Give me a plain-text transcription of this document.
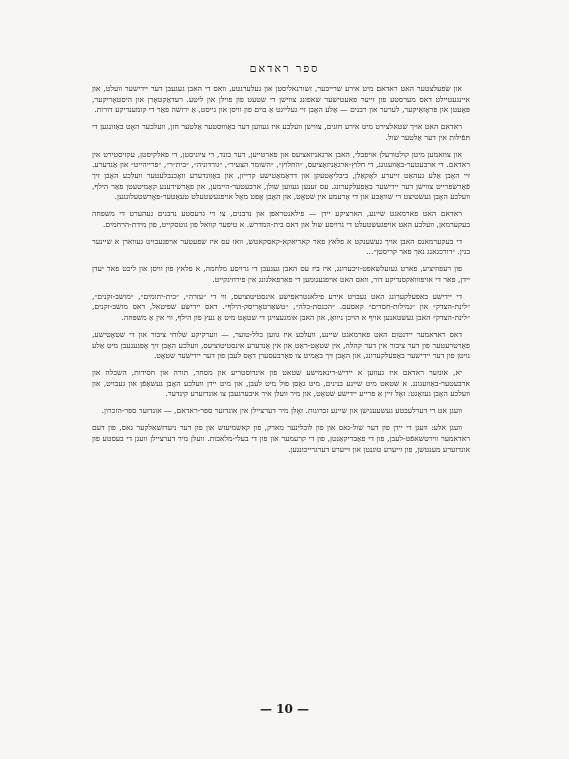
ספר ראדאם

און שפעלצטער האט ראדאם מיט אירע שרייבער, זשורנאליסטן און געלערנטע, וואס די האבן געגעבן דער יידישער וועלט, און איינגעטיילט דאס מערסטע פון זייער פאעטישער שאפונג צווישן די שטעט פון פוילן און ליטע. רעדאַקטאָרן און היסטאָריקער, פּאָעטן און פּראָזאַיקער, לערער און רבנים — אַלע האָבן זיי געלייגט אַ בוים פון וויסן און גייסט, אַ ירושה פאַר די קומענדיקע דורות.

ראדאם האט אויך שטאלצירט מיט אירע חזנים, צווישן וועלכע איז געווען דער באַוווּסטער אַלטער חזן, וועלכער האָט באַזונגען די תּפֿילות אין דער אַלטער שול.

און צוזאמען מיטן קולטורעלן אויפבלי, האבן ארגאניזאציעס און פארטייען, דער בונד, די ציוניסטן, די פאלקיסטן, עקזיסטירט אין ראדאם. די ארבעטער-באַוועגונג, די חלוץ-ארגאַניזאַציעס, ״החלוץ״, ״השומר הצעיר״, ״גורדוניה״, ״בית״ר״, ״פרייהייט״ און אַנדערע. זיי האָבן אַלע געהאַט זייערע לאָקאַלן, ביבליאָטעקן און דראַמאַטישע קרייזן, און באַזונדערע וואָכנבלעטער וועלכע האָבן זיך פֿאַרשפּרייט צווישן דער יידישער באַפעלקערונג. עס זענען געווען שולן, ארבעטער-היימען, און פאַרשידענע קאָמיטעטן פאַר הילף, וועלכע האָבן געשטיצט די שוואַכע און די אָרעמע אין שטאָט, און האָבן אָפט מאָל אויפגעשטעלט טעאַטער-פאָרשטעלונגען.

ראדאם האט פארמאגט שיינע, הארציקע יידן — פילאנטראפן און נדבנים, צו די גרעסטע נדבנים געהערט די משפחה בעקערמאן, וועלכע האט אויפגעשטעלט די גרויסע שול און דאס בית-המדרש. א טיפער קוואל פון גוטסקייט, פון מידת-הרחמים.

די בעקערמאנס האבן אויך געשענקט א פלאץ פאר קאריאקא-קאסקאטש, וואו עס איז שפעטער אויפגעבויט געווארן א שיינער בנין. ״דורכגאנג נאך פאר קריסטן״...

פון רעפוזיציע, פארט געזעלשאפט-זיכערונג, איז ביז עס האבן געגעבן די גרויסע מלחמה, א פלאץ פון וויסן און ליכט פאר יעדן יידן, פאר די אויפווואקסנדיקע דור, וואס האט אויפגענומען די פארפאלגונג אין פירוזיגקייט.

די יידישע באפעלקערונג האט געבויט אירע פילאנטראפישע אינסטיטוציעס, ווי די ״עזרה״, ״בית-יתומים״, ״מושב-זקנים״, ״לינת-הצדק״ און ״גמילות-חסדים״ קאסעס. ״הכנסת-כלה״, ״טשאַרטאָריסק-הילף״. דאס יידישע שפיטאל, דאס מושב-זקנים, ״לינת-הצדק״ האבן געשטאנען אויף א הויכן ניוואָ, און האבן אומגעצויגן די שטאָט מיט אַ נעץ פון הילף, ווי אין אַ משפּחה.

דאס ראדאמער יידנטום האט פארמאגט שיינע, וועלכע איז גווען כלל-טוער, — ווערקיקע שלוחי ציבור און די שטאָטישע, פאַרטרעטער פון דער ציבור אין דער קהלה, אין שטאָט-ראַט און אין אַנדערע אינסטיטוציעס, וועלכע האָבן זיך אָפּגעגעבן מיט אַלע נויטן פון דער יידישער באַפעלקערונג, און האָבן זיך באַמיט צו פאַרבעסערן דאָס לעבן פון דער יידישער שטאָט.

יא, אונזער ראדאם איז געווען א יידיש-דינאמישע שטאט פון אינדוסטריע און מסחר, תורה און חסידות, השכלה און ארבעטער-באַוועגונג. א שטאט מיט שיינע בנינים, מיט גאַסן פול מיט לעבן, און מיט יידן וועלכע האָבן געשאַפֿן און געבויט, און וועלכע האָבן געזאַגט: זאָל זיין אַ פרייע יידישע שטאָט, און מיר וועלן איר איבערגעבן צו אונדזערע קינדער.

וועגן אט די דערלעבטע געשעענישן און שיינע זכרונות. זאָלן מיר דערציילן אין אונדזער ספר-ראדאם, — אונדזער ספר-הזכרון.

וועגן אלע: וועגן די יידן פון דער שול-גאס און פון לובלינער מארק, פון קאשמיעזש און פון דער ניעדזשאלקער גאס, פון דעם ראדאמער ווירטשאפֿט-לעבן, פון די פאַבריקאַנטן, פון די קרעמער און פון די בעלי-מלאכות. וועלן מיר דערציילן וועגן די בעסטע פון אונדזערע מענטשן, פון זייערע טוגנטן און זייערע דערגרייכונגען.

— 10 —
